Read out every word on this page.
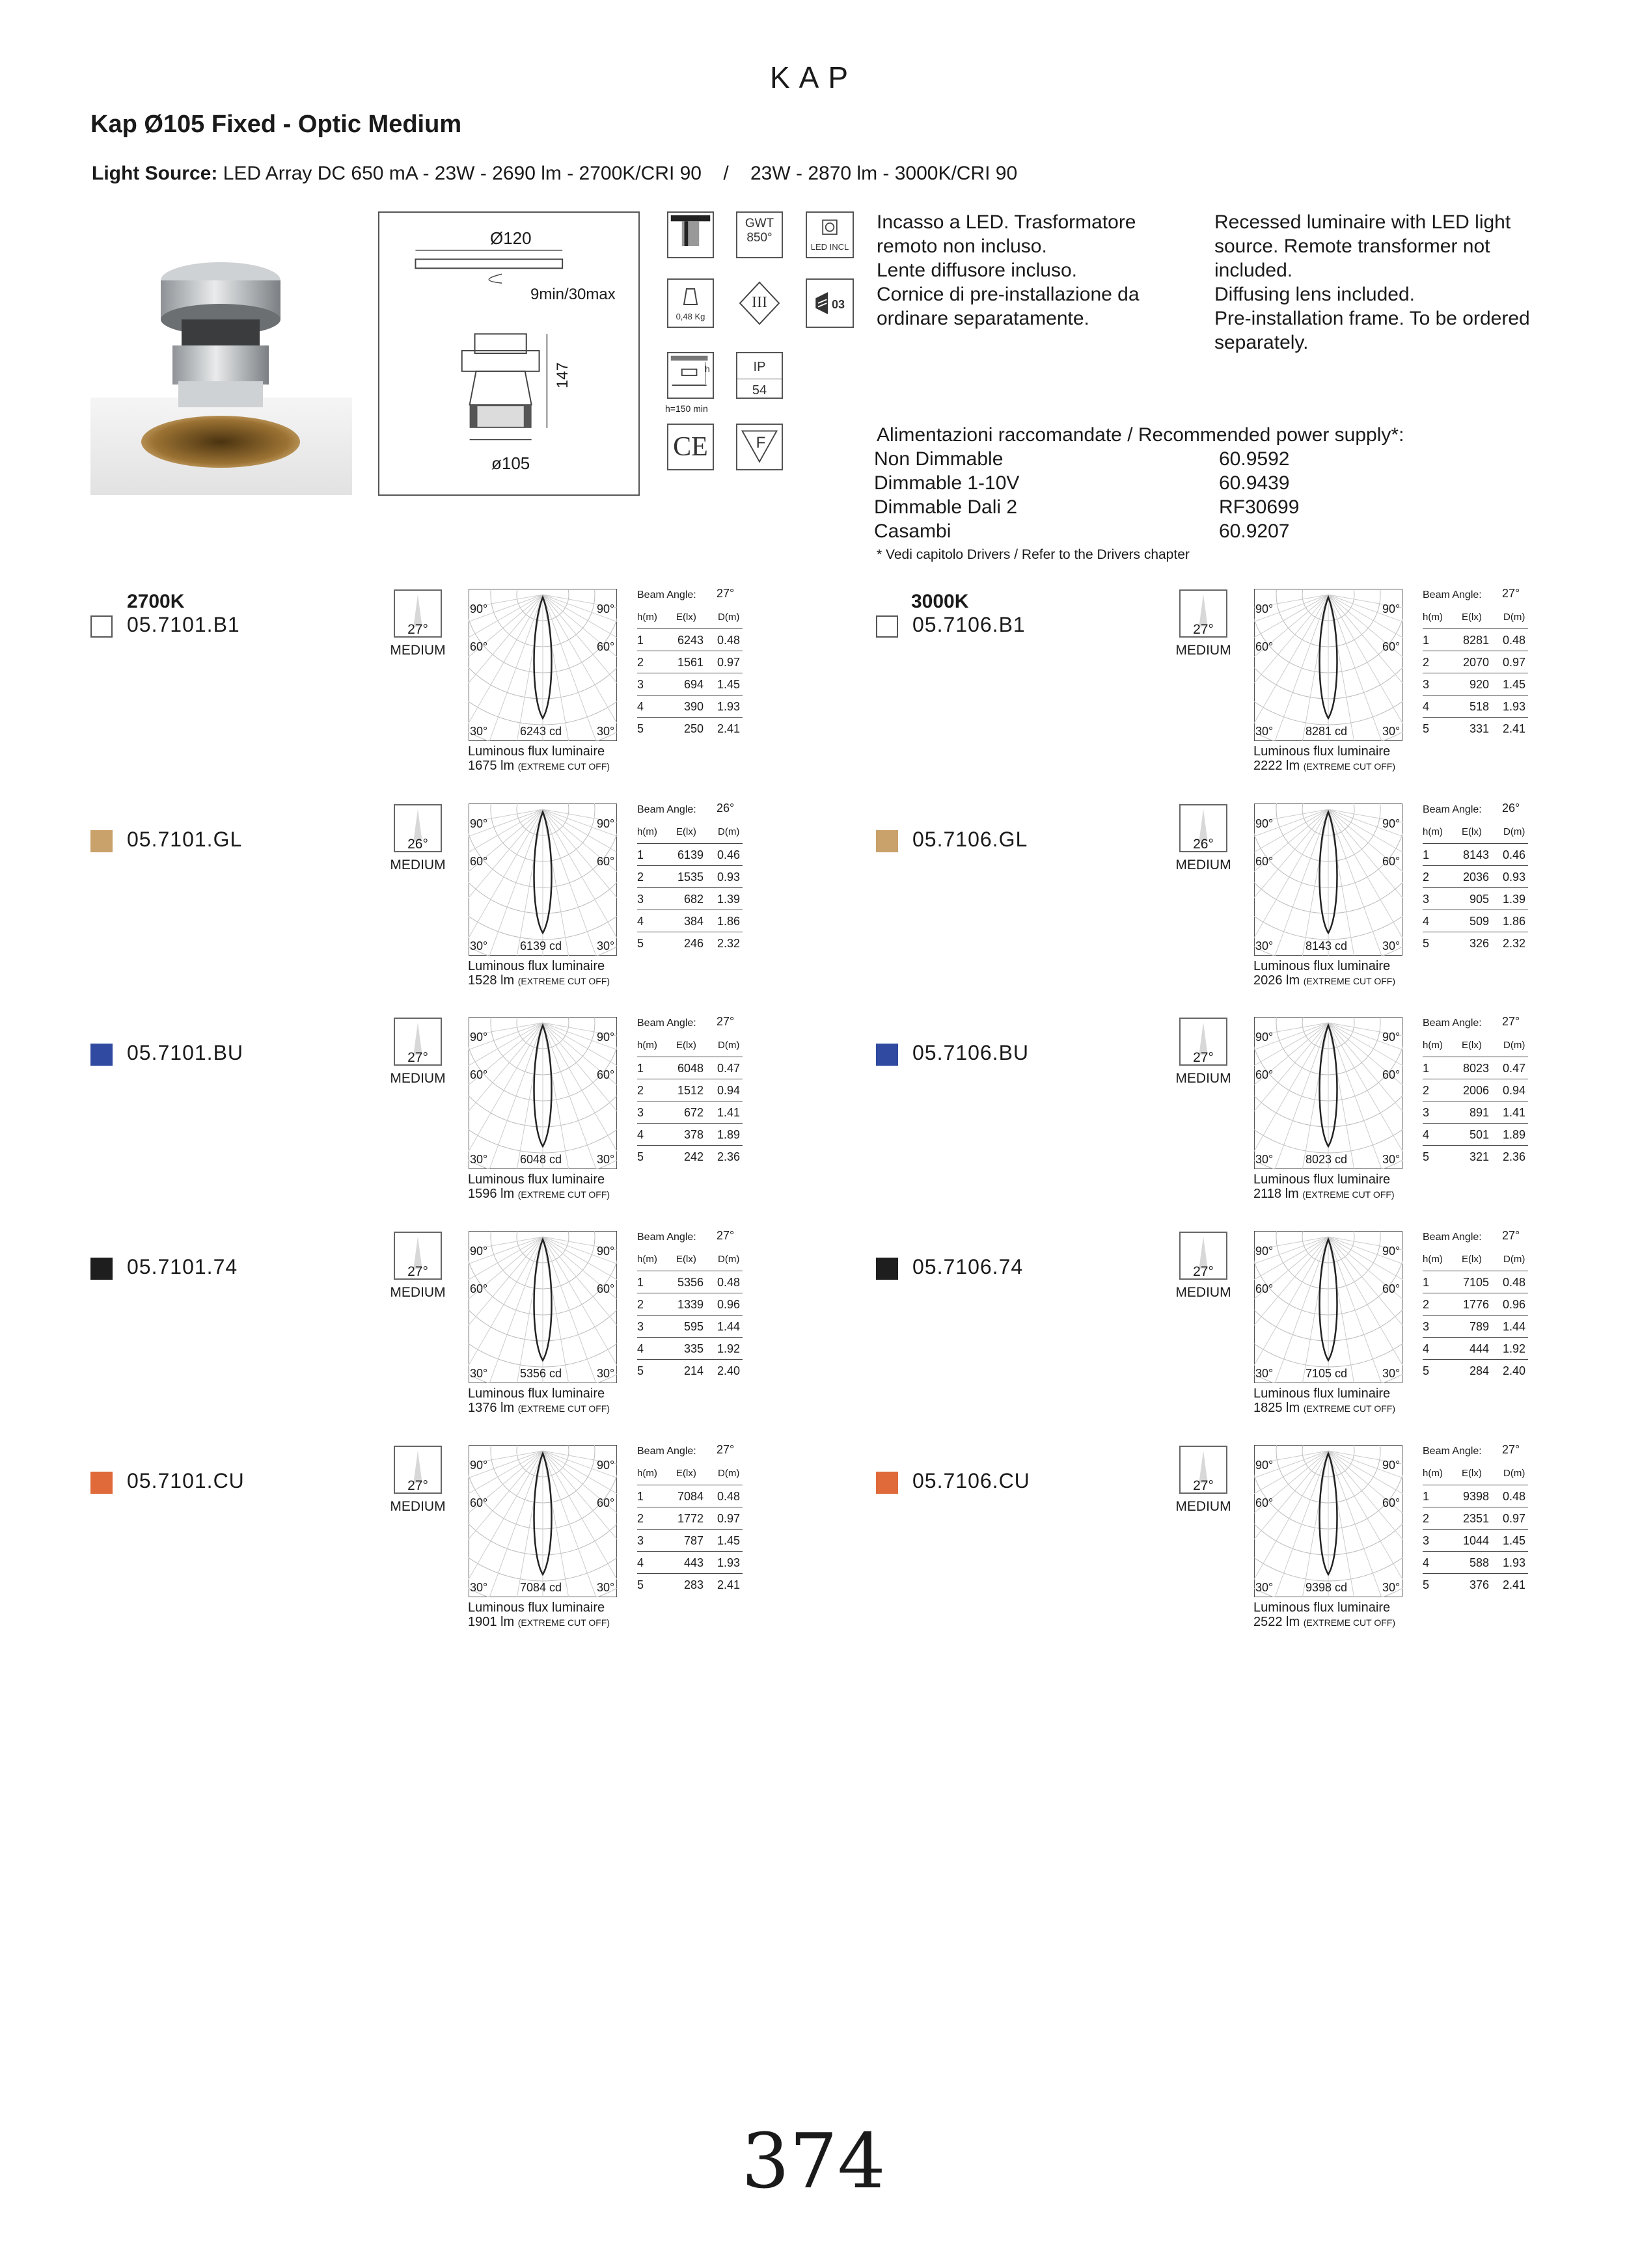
KAP
Kap Ø105 Fixed - Optic Medium
Light Source: LED Array DC 650 mA - 23W - 2690 lm - 2700K/CRI 90    /    23W - 2870 lm - 3000K/CRI 90
Ø120
9min/30max
147
ø105
GWT
850°
LED INCL
0,48 Kg
III	03
h
h=150 min
IP
54
CE	F
Incasso a LED. Trasformatore
remoto non incluso.
Lente diffusore incluso.
Cornice di pre-installazione da
ordinare separatamente.
Recessed luminaire with LED light
source. Remote transformer not
included.
Diffusing lens included.
Pre-installation frame. To be ordered
separately.
Alimentazioni raccomandate / Recommended power supply*:
Non Dimmable	60.9592
Dimmable 1-10V	60.9439
Dimmable Dali 2	RF30699
Casambi	60.9207
* Vedi capitolo Drivers / Refer to the Drivers chapter
2700K	3000K
05.7101.B1	27°
MEDIUM
90°	90°
60°	60°
30°	30°
6243 cd
Luminous flux luminaire
1675 lm (EXTREME CUT OFF)
Beam Angle: 27°
h(m) E(lx) D(m)
1	6243 0.48
2	1561 0.97
3	694 1.45
4	390 1.93
5	250 2.41
05.7106.B1	27°
MEDIUM
90°	90°
60°	60°
30°	30°
8281 cd
Luminous flux luminaire
2222 lm (EXTREME CUT OFF)
Beam Angle: 27°
h(m) E(lx) D(m)
1	8281 0.48
2	2070 0.97
3	920 1.45
4	518 1.93
5	331 2.41
05.7101.GL	26°
MEDIUM
90°	90°
60°	60°
30°	30°
6139 cd
Luminous flux luminaire
1528 lm (EXTREME CUT OFF)
Beam Angle: 26°
h(m) E(lx) D(m)
1	6139 0.46
2	1535 0.93
3	682 1.39
4	384 1.86
5	246 2.32
05.7106.GL	26°
MEDIUM
90°	90°
60°	60°
30°	30°
8143 cd
Luminous flux luminaire
2026 lm (EXTREME CUT OFF)
Beam Angle: 26°
h(m) E(lx) D(m)
1	8143 0.46
2	2036 0.93
3	905 1.39
4	509 1.86
5	326 2.32
05.7101.BU	27°
MEDIUM
90°	90°
60°	60°
30°	30°
6048 cd
Luminous flux luminaire
1596 lm (EXTREME CUT OFF)
Beam Angle: 27°
h(m) E(lx) D(m)
1	6048 0.47
2	1512 0.94
3	672 1.41
4	378 1.89
5	242 2.36
05.7106.BU	27°
MEDIUM
90°	90°
60°	60°
30°	30°
8023 cd
Luminous flux luminaire
2118 lm (EXTREME CUT OFF)
Beam Angle: 27°
h(m) E(lx) D(m)
1	8023 0.47
2	2006 0.94
3	891 1.41
4	501 1.89
5	321 2.36
05.7101.74	27°
MEDIUM
90°	90°
60°	60°
30°	30°
5356 cd
Luminous flux luminaire
1376 lm (EXTREME CUT OFF)
Beam Angle: 27°
h(m) E(lx) D(m)
1	5356 0.48
2	1339 0.96
3	595 1.44
4	335 1.92
5	214 2.40
05.7106.74	27°
MEDIUM
90°	90°
60°	60°
30°	30°
7105 cd
Luminous flux luminaire
1825 lm (EXTREME CUT OFF)
Beam Angle: 27°
h(m) E(lx) D(m)
1	7105 0.48
2	1776 0.96
3	789 1.44
4	444 1.92
5	284 2.40
05.7101.CU	27°
MEDIUM
90°	90°
60°	60°
30°	30°
7084 cd
Luminous flux luminaire
1901 lm (EXTREME CUT OFF)
Beam Angle: 27°
h(m) E(lx) D(m)
1	7084 0.48
2	1772 0.97
3	787 1.45
4	443 1.93
5	283 2.41
05.7106.CU	27°
MEDIUM
90°	90°
60°	60°
30°	30°
9398 cd
Luminous flux luminaire
2522 lm (EXTREME CUT OFF)
Beam Angle: 27°
h(m) E(lx) D(m)
1	9398 0.48
2	2351 0.97
3	1044 1.45
4	588 1.93
5	376 2.41
374
